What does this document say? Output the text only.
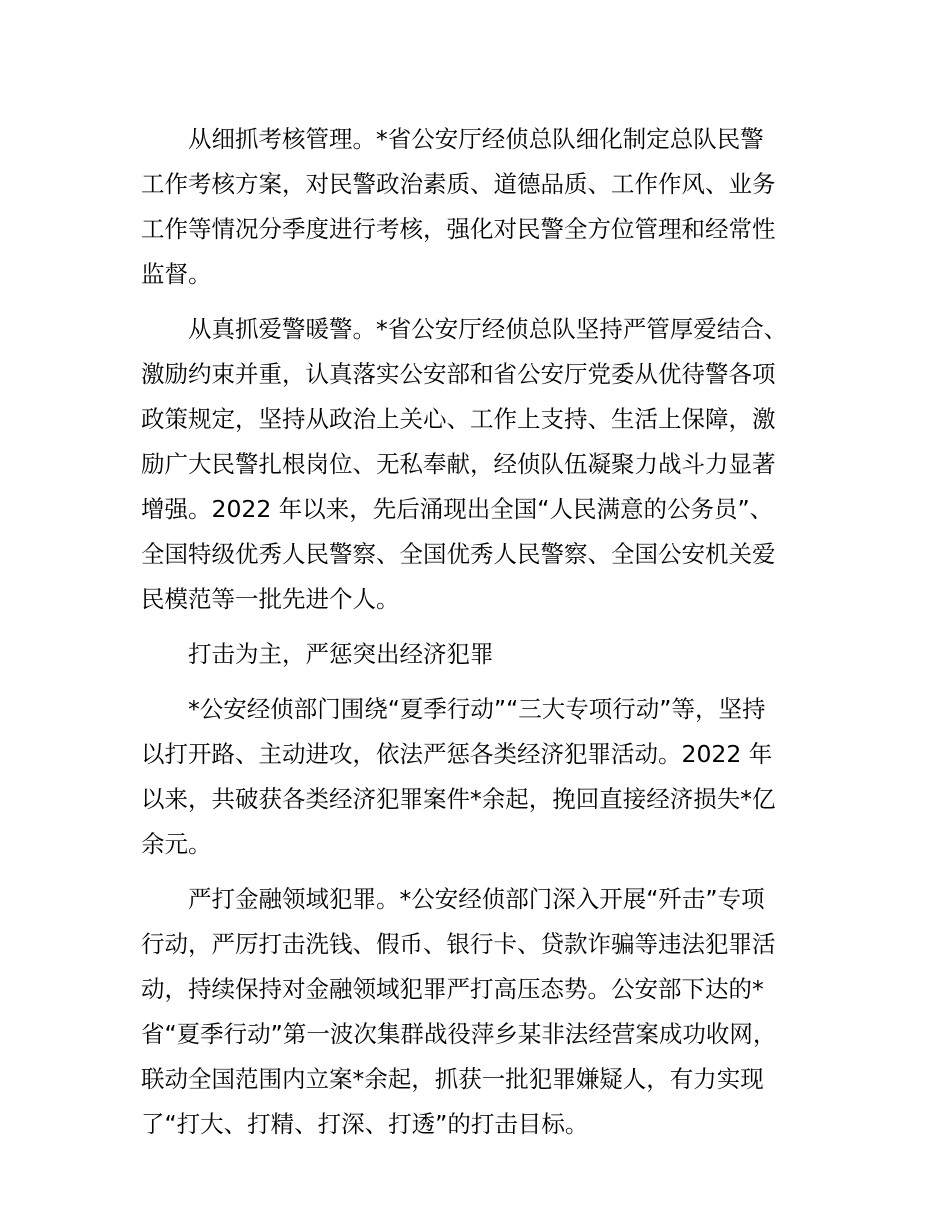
从细抓考核管理。*省公安厅经侦总队细化制定总队民警
工作考核方案，对民警政治素质、道德品质、工作作风、业务
工作等情况分季度进行考核，强化对民警全方位管理和经常性
监督。
从真抓爱警暖警。*省公安厅经侦总队坚持严管厚爱结合、
激励约束并重，认真落实公安部和省公安厅党委从优待警各项
政策规定，坚持从政治上关心、工作上支持、生活上保障，激
励广大民警扎根岗位、无私奉献，经侦队伍凝聚力战斗力显著
增强。2022 年以来，先后涌现出全国“人民满意的公务员”、
全国特级优秀人民警察、全国优秀人民警察、全国公安机关爱
民模范等一批先进个人。
打击为主，严惩突出经济犯罪
*公安经侦部门围绕“夏季行动”“三大专项行动”等，坚持
以打开路、主动进攻，依法严惩各类经济犯罪活动。2022 年
以来，共破获各类经济犯罪案件*余起，挽回直接经济损失*亿
余元。
严打金融领域犯罪。*公安经侦部门深入开展“歼击”专项
行动，严厉打击洗钱、假币、银行卡、贷款诈骗等违法犯罪活
动，持续保持对金融领域犯罪严打高压态势。公安部下达的*
省“夏季行动”第一波次集群战役萍乡某非法经营案成功收网，
联动全国范围内立案*余起，抓获一批犯罪嫌疑人，有力实现
了“打大、打精、打深、打透”的打击目标。
